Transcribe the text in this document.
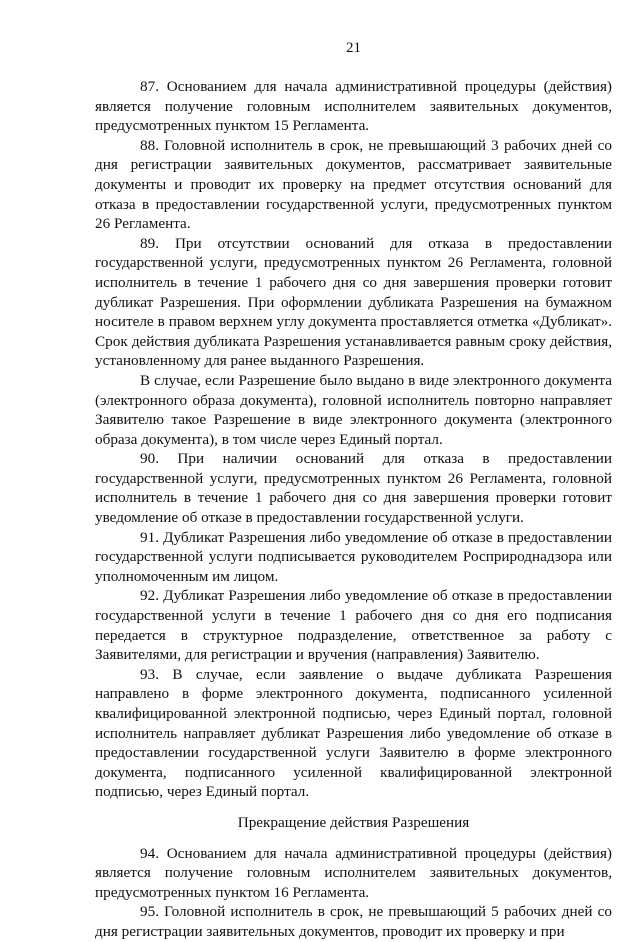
21

87. Основанием для начала административной процедуры (действия) является получение головным исполнителем заявительных документов, предусмотренных пунктом 15 Регламента.

88. Головной исполнитель в срок, не превышающий 3 рабочих дней со дня регистрации заявительных документов, рассматривает заявительные документы и проводит их проверку на предмет отсутствия оснований для отказа в предоставлении государственной услуги, предусмотренных пунктом 26 Регламента.

89. При отсутствии оснований для отказа в предоставлении государственной услуги, предусмотренных пунктом 26 Регламента, головной исполнитель в течение 1 рабочего дня со дня завершения проверки готовит дубликат Разрешения. При оформлении дубликата Разрешения на бумажном носителе в правом верхнем углу документа проставляется отметка «Дубликат». Срок действия дубликата Разрешения устанавливается равным сроку действия, установленному для ранее выданного Разрешения.

В случае, если Разрешение было выдано в виде электронного документа (электронного образа документа), головной исполнитель повторно направляет Заявителю такое Разрешение в виде электронного документа (электронного образа документа), в том числе через Единый портал.

90. При наличии оснований для отказа в предоставлении государственной услуги, предусмотренных пунктом 26 Регламента, головной исполнитель в течение 1 рабочего дня со дня завершения проверки готовит уведомление об отказе в предоставлении государственной услуги.

91. Дубликат Разрешения либо уведомление об отказе в предоставлении государственной услуги подписывается руководителем Росприроднадзора или уполномоченным им лицом.

92. Дубликат Разрешения либо уведомление об отказе в предоставлении государственной услуги в течение 1 рабочего дня со дня его подписания передается в структурное подразделение, ответственное за работу с Заявителями, для регистрации и вручения (направления) Заявителю.

93. В случае, если заявление о выдаче дубликата Разрешения направлено в форме электронного документа, подписанного усиленной квалифицированной электронной подписью, через Единый портал, головной исполнитель направляет дубликат Разрешения либо уведомление об отказе в предоставлении государственной услуги Заявителю в форме электронного документа, подписанного усиленной квалифицированной электронной подписью, через Единый портал.

Прекращение действия Разрешения

94. Основанием для начала административной процедуры (действия) является получение головным исполнителем заявительных документов, предусмотренных пунктом 16 Регламента.

95. Головной исполнитель в срок, не превышающий 5 рабочих дней со дня регистрации заявительных документов, проводит их проверку и при
